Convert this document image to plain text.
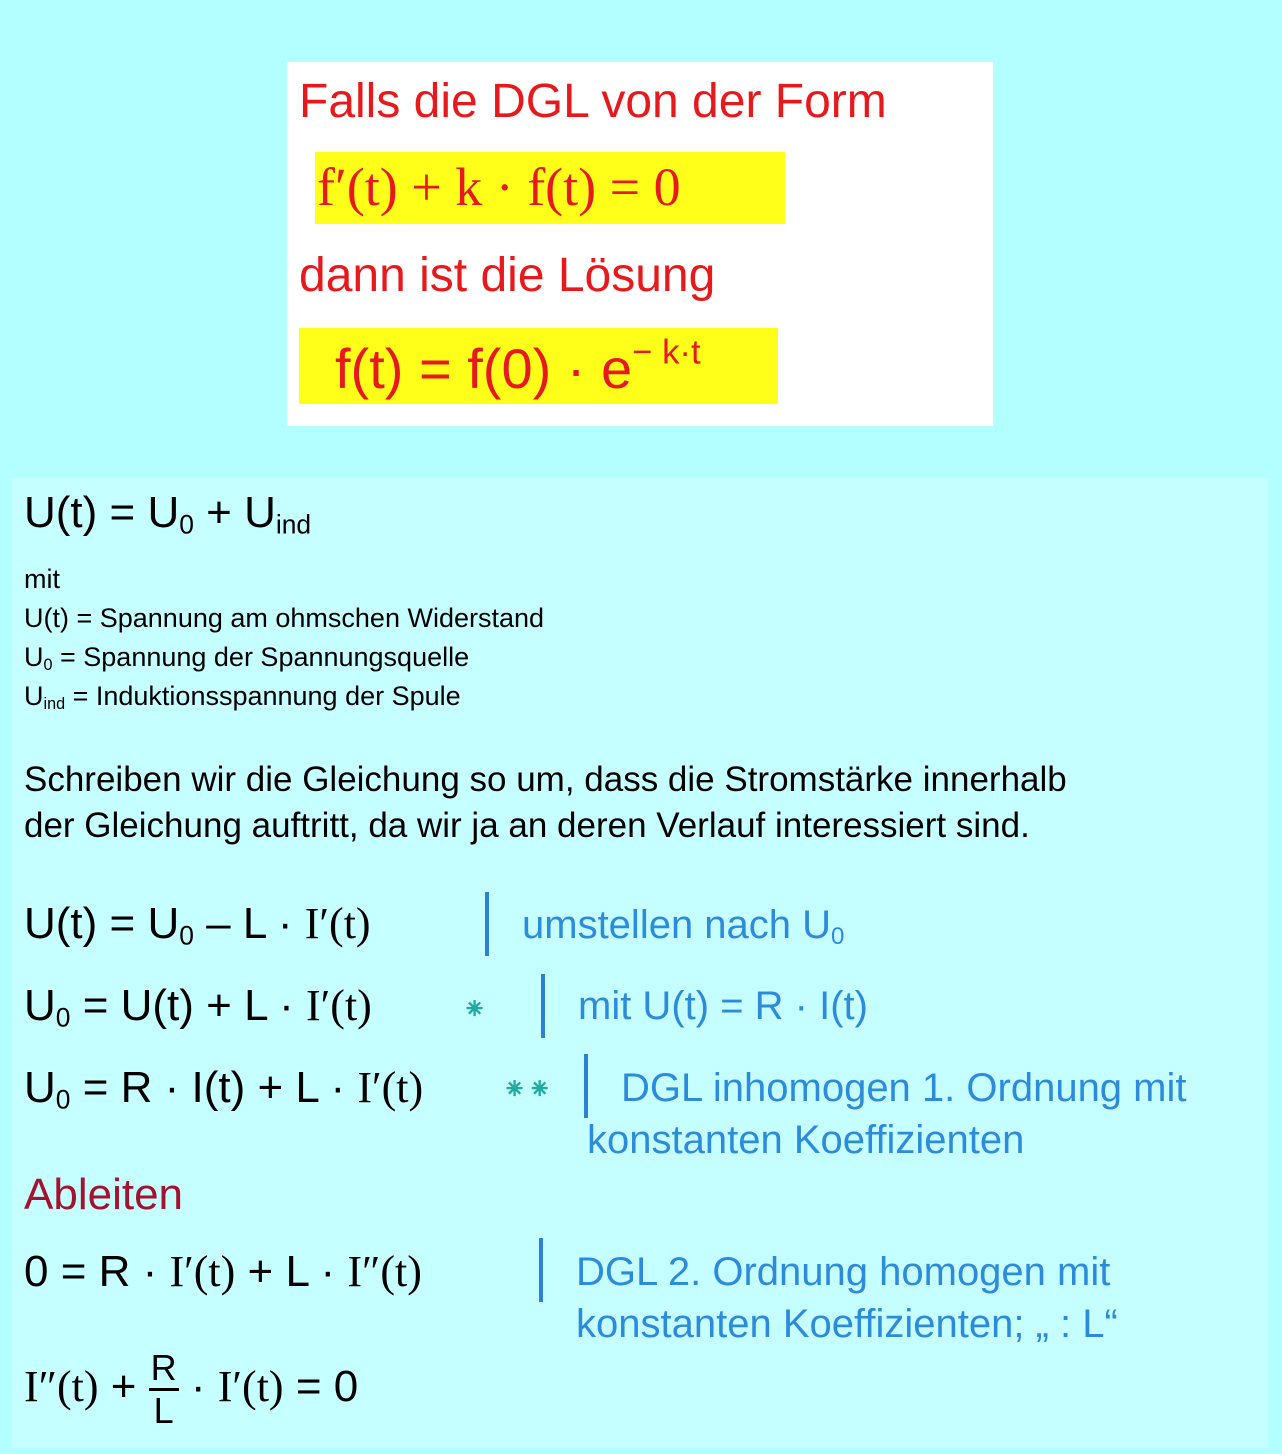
Falls die DGL von der Form
f′(t) + k · f(t) = 0
dann ist die Lösung
$f(t) = f(0) \cdot e^{- k\cdot t}$
$U(t) = U_0 + U_{ind}$
mit
U(t) = Spannung am ohmschen Widerstand
$U_0$ = Spannung der Spannungsquelle
$U_{ind}$ = Induktionsspannung der Spule
Schreiben wir die Gleichung so um, dass die Stromstärke innerhalb
der Gleichung auftritt, da wir ja an deren Verlauf interessiert sind.
$U(t) = U_0 - L \cdot I'(t)$	umstellen nach $U_0$
$U_0 = U(t) + L \cdot I'(t)$	⁕ mit U(t) = R · I(t)
$U_0 = R \cdot I(t) + L \cdot I'(t)$	⁕⁕ DGL inhomogen 1. Ordnung mit
konstanten Koeffizienten
Ableiten
0 = R · I′(t) + L · I″(t)	DGL 2. Ordnung homogen mit
konstanten Koeffizienten; „ : L“
$I''(t) + \frac{R}{L} \cdot I'(t) = 0$
